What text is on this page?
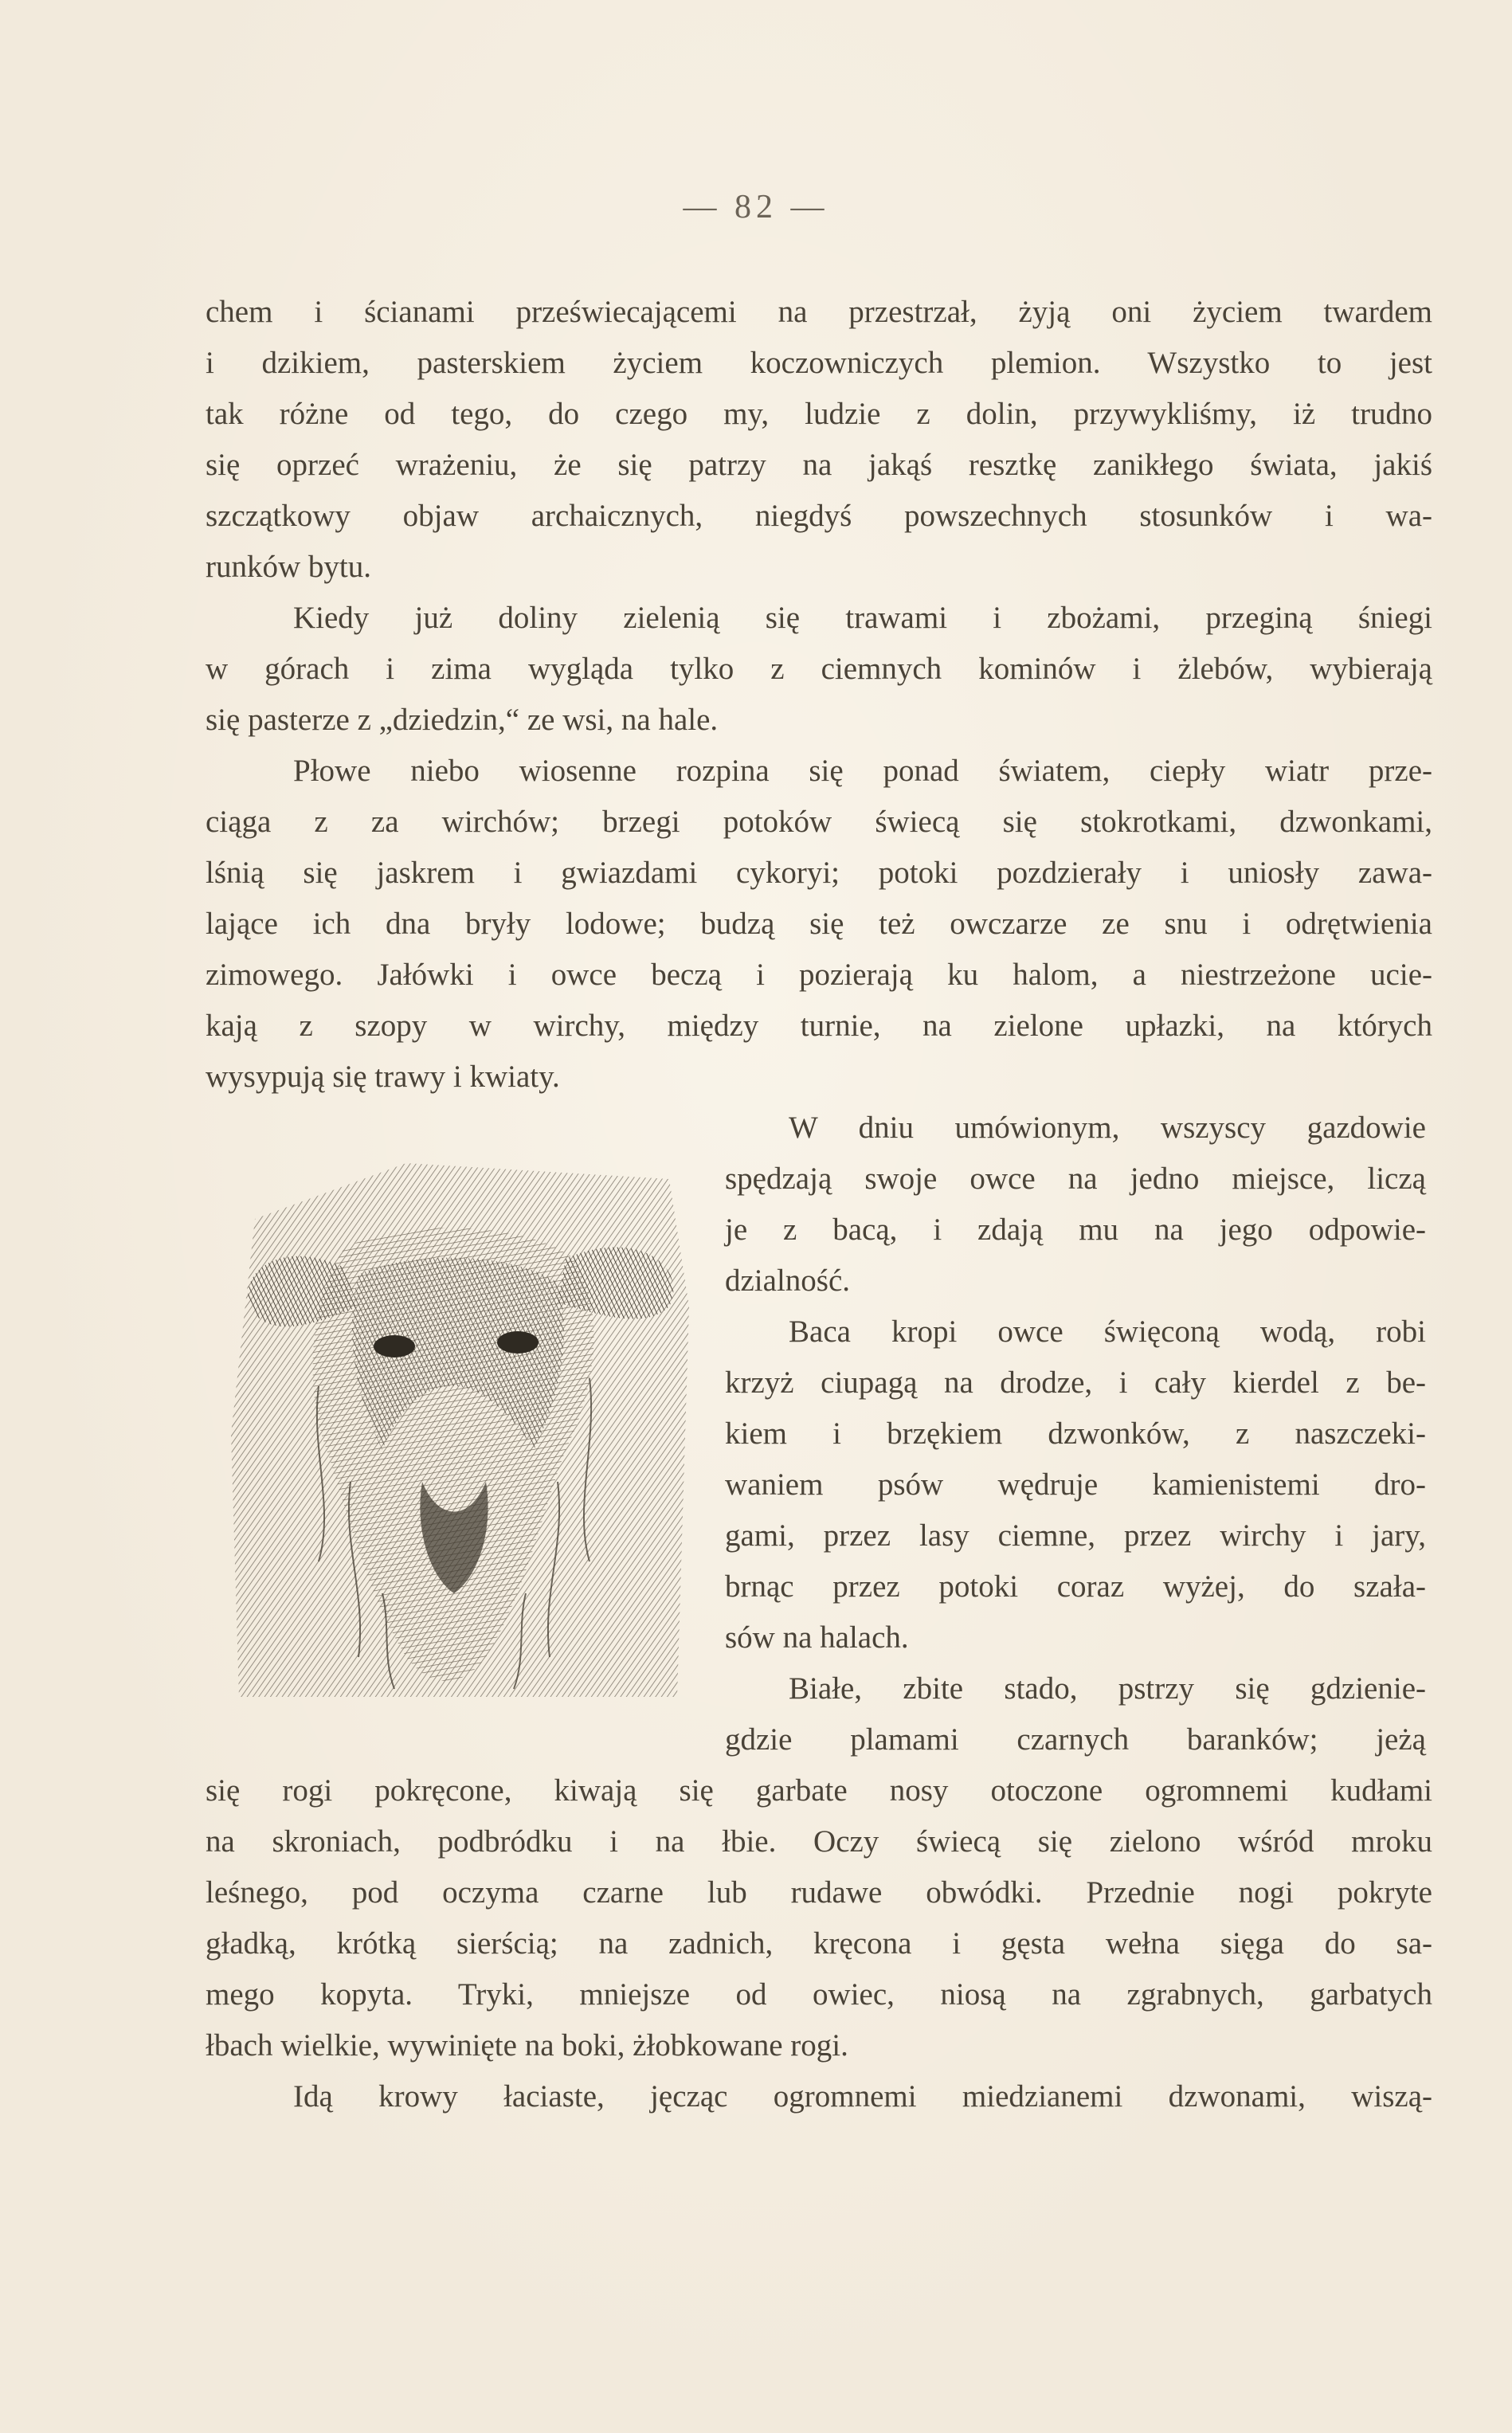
— 82 —
chem i ścianami przeświecającemi na przestrzał, żyją oni życiem twardem
i dzikiem, pasterskiem życiem koczowniczych plemion. Wszystko to jest
tak różne od tego, do czego my, ludzie z dolin, przywykliśmy, iż trudno
się oprzeć wrażeniu, że się patrzy na jakąś resztkę zanikłego świata, jakiś
szczątkowy objaw archaicznych, niegdyś powszechnych stosunków i wa-
runków bytu.
Kiedy już doliny zielenią się trawami i zbożami, przeginą śniegi
w górach i zima wygląda tylko z ciemnych kominów i żlebów, wybierają
się pasterze z „dziedzin,“ ze wsi, na hale.
Płowe niebo wiosenne rozpina się ponad światem, ciepły wiatr prze-
ciąga z za wirchów; brzegi potoków świecą się stokrotkami, dzwonkami,
lśnią się jaskrem i gwiazdami cykoryi; potoki pozdzierały i uniosły zawa-
lające ich dna bryły lodowe; budzą się też owczarze ze snu i odrętwienia
zimowego. Jałówki i owce beczą i pozierają ku halom, a niestrzeżone ucie-
kają z szopy w wirchy, między turnie, na zielone upłazki, na których
wysypują się trawy i kwiaty.
W dniu umówionym, wszyscy gazdowie
spędzają swoje owce na jedno miejsce, liczą
je z bacą, i zdają mu na jego odpowie-
dzialność.
Baca kropi owce święconą wodą, robi
krzyż ciupagą na drodze, i cały kierdel z be-
kiem i brzękiem dzwonków, z naszczeki-
waniem psów wędruje kamienistemi dro-
gami, przez lasy ciemne, przez wirchy i jary,
brnąc przez potoki coraz wyżej, do szała-
sów na halach.
Białe, zbite stado, pstrzy się gdzienie-
gdzie plamami czarnych baranków; jeżą
się rogi pokręcone, kiwają się garbate nosy otoczone ogromnemi kudłami
na skroniach, podbródku i na łbie. Oczy świecą się zielono wśród mroku
leśnego, pod oczyma czarne lub rudawe obwódki. Przednie nogi pokryte
gładką, krótką sierścią; na zadnich, kręcona i gęsta wełna sięga do sa-
mego kopyta. Tryki, mniejsze od owiec, niosą na zgrabnych, garbatych
łbach wielkie, wywinięte na boki, żłobkowane rogi.
Idą krowy łaciaste, jęcząc ogromnemi miedzianemi dzwonami, wiszą-
